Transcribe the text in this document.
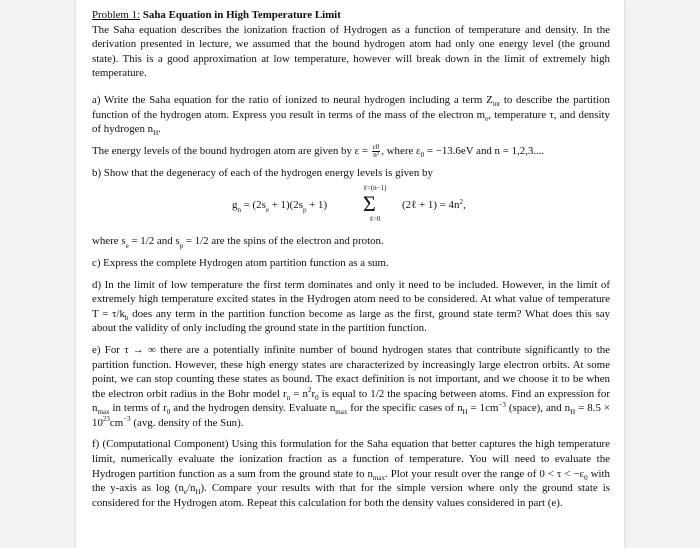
Problem 1: Saha Equation in High Temperature Limit

The Saha equation describes the ionization fraction of Hydrogen as a function of temperature and density. In the derivation presented in lecture, we assumed that the bound hydrogen atom had only one energy level (the ground state). This is a good approximation at low temperature, however will break down in the limit of extremely high temperature.

a) Write the Saha equation for the ratio of ionized to neural hydrogen including a term $Z_{int}$ to describe the partition function of the hydrogen atom. Express you result in terms of the mass of the electron $m_e$, temperature τ, and density of hydrogen $n_H$.

The energy levels of the bound hydrogen atom are given by $\varepsilon = \frac{\varepsilon 0}{\text{n²}}$ , where $\varepsilon_0 = -13.6eV$ and n = 1,2,3....

b) Show that the degeneracy of each of the hydrogen energy levels is given by

$g_n = (2s_e + 1)(2s_p + 1)$
ℓ=(n−1)
Σ
ℓ=0
(2ℓ + $1) = 4n^2$,

where $s_e = 1/2$ and $s_p = 1/2$ are the spins of the electron and proton.

c) Express the complete Hydrogen atom partition function as a sum.

d) In the limit of low temperature the first term dominates and only it need to be included. However, in the limit of extremely high temperature excited states in the Hydrogen atom need to be considered. At what value of temperature $T = \tau/k_b$ does any term in the partition function become as large as the first, ground state term? What does this say about the validity of only including the ground state in the partition function.

e) For τ → ∞ there are a potentially infinite number of bound hydrogen states that contribute significantly to the partition function. However, these high energy states are characterized by increasingly large electron orbits. At some point, we can stop counting these states as bound. The exact definition is not important, and we choose it to be when the electron orbit radius in the Bohr model $r_n = n^2r_0$ is equal to 1/2 the spacing between atoms. Find an expression for $n_{max}$ in terms of $r_0$ and the hydrogen density. Evaluate $n_{max}$ for the specific cases of $n_H = 1cm^{-3}$ (space), and $n_H = 8.5 \times 10^{23}cm^{-3}$ (avg. density of the Sun).

f) (Computational Component) Using this formulation for the Saha equation that better captures the high temperature limit, numerically evaluate the ionization fraction as a function of temperature. You will need to evaluate the Hydrogen partition function as a sum from the ground state to $n_{max}$. Plot your result over the range of $0 < \tau < -\varepsilon_0$ with the y-axis as $\log (n_e/n_H)$. Compare your results with that for the simple version where only the ground state is considered for the Hydrogen atom. Repeat this calculation for both the density values considered in part (e).
